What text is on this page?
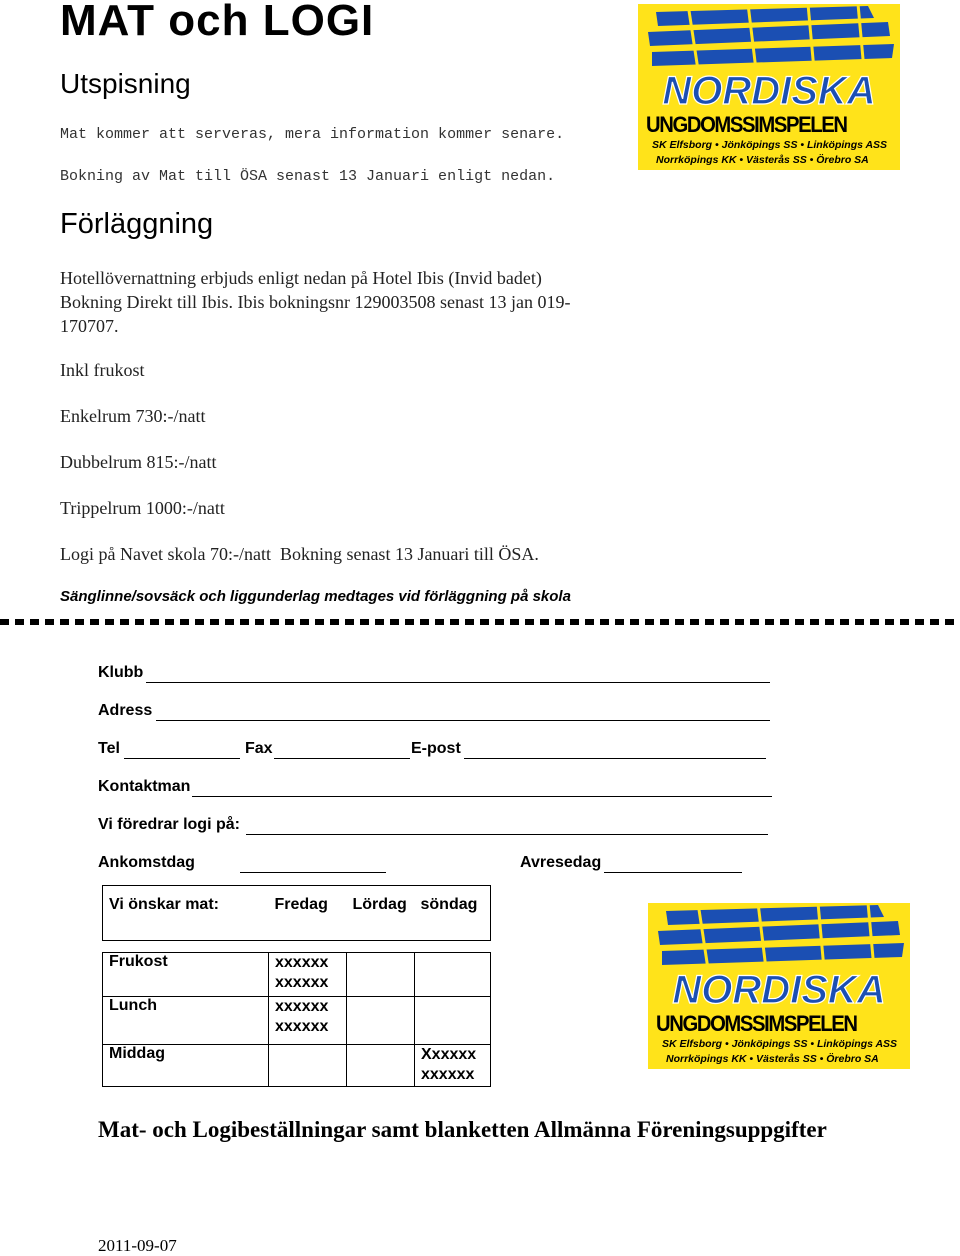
MAT och LOGI
Utspisning
Mat kommer att serveras, mera information kommer senare.
Bokning av Mat till ÖSA senast 13 Januari enligt nedan.
Förläggning
Hotellövernattning erbjuds enligt nedan på Hotel Ibis (Invid badet)
Bokning Direkt till Ibis. Ibis bokningsnr 129003508 senast 13 jan 019-
170707.
Inkl frukost
Enkelrum 730:-/natt
Dubbelrum 815:-/natt
Trippelrum 1000:-/natt
Logi på Navet skola 70:-/natt  Bokning senast 13 Januari till ÖSA.
Sänglinne/sovsäck och liggunderlag medtages vid förläggning på skola
NORDISKA
UNGDOMSSIMSPELEN
SK Elfsborg • Jönköpings SS • Linköpings ASS
Norrköpings KK • Västerås SS • Örebro SA
Klubb
Adress
Tel	Fax	E-post
Kontaktman
Vi föredrar logi på:
Ankomstdag	Avresedag
Vi önskar mat:	Fredag	Lördag	söndag

Frukost	xxxxxx
xxxxxx		

Lunch	xxxxxx
xxxxxx		

Middag			Xxxxxx
xxxxxx
NORDISKA
UNGDOMSSIMSPELEN
SK Elfsborg • Jönköpings SS • Linköpings ASS
Norrköpings KK • Västerås SS • Örebro SA
Mat- och Logibeställningar samt blanketten Allmänna Föreningsuppgifter
2011-09-07
